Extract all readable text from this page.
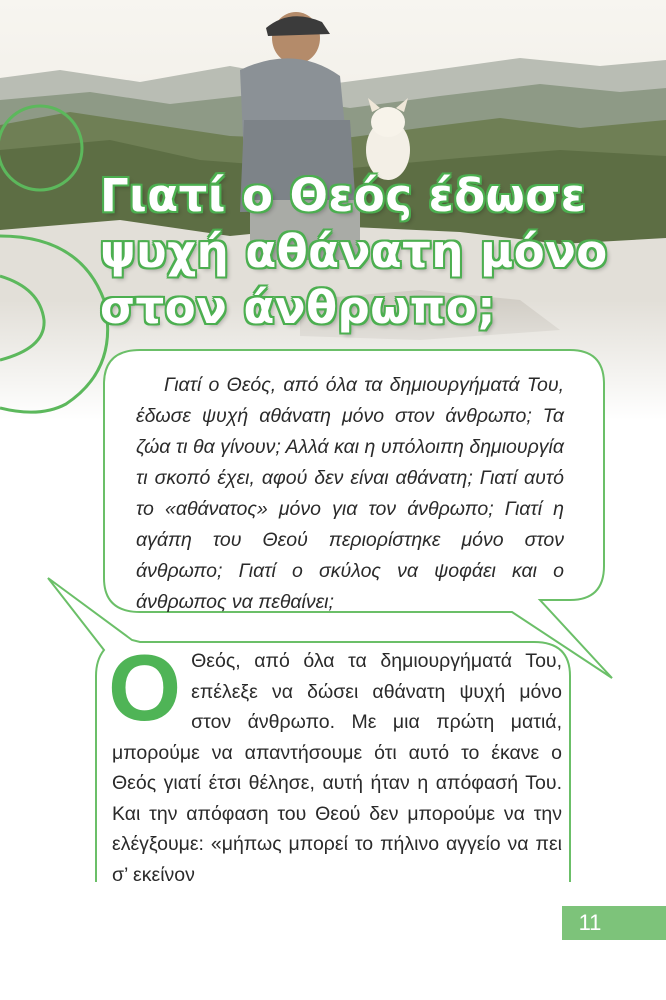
Γιατί ο Θεός έδωσε
ψυχή αθάνατη μόνο
στον άνθρωπο;

Γιατί ο Θεός, από όλα τα δημιουργήματά Του, έδωσε ψυχή αθάνατη μόνο στον άνθρωπο; Τα ζώα τι θα γίνουν; Αλλά και η υπόλοιπη δημιουργία τι σκοπό έχει, αφού δεν είναι αθάνατη; Γιατί αυτό το «αθάνατος» μόνο για τον άνθρωπο; Γιατί η αγάπη του Θεού περιορίστηκε μόνο στον άνθρωπο; Γιατί ο σκύλος να ψοφάει και ο άνθρωπος να πεθαίνει;

O Θεός, από όλα τα δημιουργήματά Του, επέλεξε να δώσει αθάνατη ψυχή μόνο στον άνθρωπο. Με μια πρώτη ματιά, μπορούμε να απαντήσουμε ότι αυτό το έκανε ο Θεός γιατί έτσι θέλησε, αυτή ήταν η απόφασή Του. Και την απόφαση του Θεού δεν μπορούμε να την ελέγξουμε: «μήπως μπορεί το πήλινο αγγείο να πει σ’ εκείνον

11
